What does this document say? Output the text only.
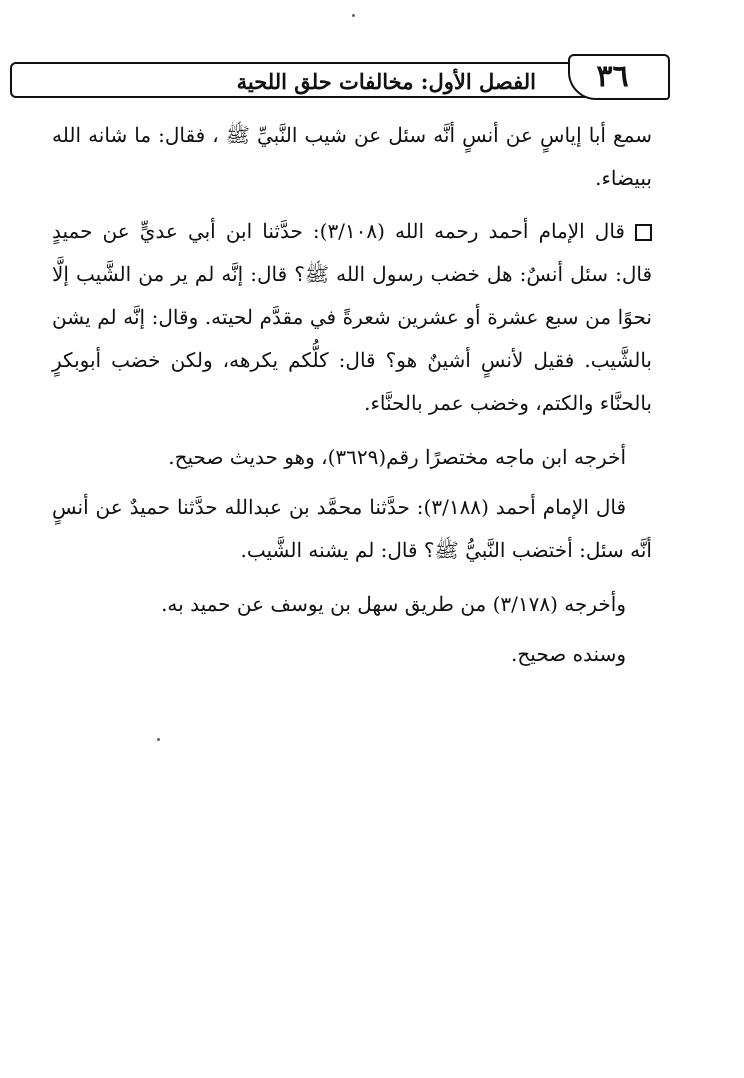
٣٦
الفصل الأول: مخالفات حلق اللحية
سمع أبا إياسٍ عن أنسٍ أنَّه سئل عن شيب النَّبيِّ ﷺ ، فقال: ما شانه الله ببيضاء.
قال الإمام أحمد رحمه الله (٣/١٠٨): حدَّثنا ابن أبي عديٍّ عن حميدٍ قال: سئل أنسٌ: هل خضب رسول الله ﷺ؟ قال: إنَّه لم ير من الشَّيب إلَّا نحوًا من سبع عشرة أو عشرين شعرةً في مقدَّم لحيته. وقال: إنَّه لم يشن بالشَّيب. فقيل لأنسٍ أشينٌ هو؟ قال: كلُّكم يكرهه، ولكن خضب أبوبكرٍ بالحنَّاء والكتم، وخضب عمر بالحنَّاء.
أخرجه ابن ماجه مختصرًا رقم(٣٦٢٩)، وهو حديث صحيح.
قال الإمام أحمد (٣/١٨٨): حدَّثنا محمَّد بن عبدالله حدَّثنا حميدٌ عن أنسٍ أنَّه سئل: أختضب النَّبيُّ ﷺ؟ قال: لم يشنه الشَّيب.
وأخرجه (٣/١٧٨) من طريق سهل بن يوسف عن حميد به.
وسنده صحيح.
